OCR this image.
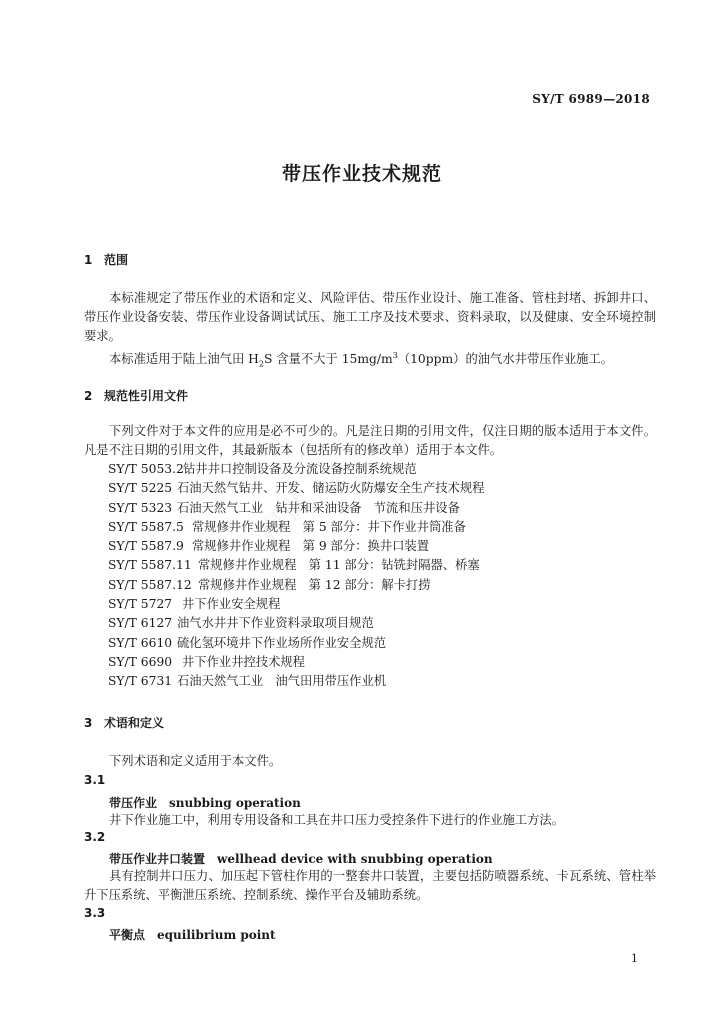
SY/T 6989—2018
带压作业技术规范
1 范围

本标准规定了带压作业的术语和定义、风险评估、带压作业设计、施工准备、管柱封堵、拆卸井口、带压作业设备安装、带压作业设备调试试压、施工工序及技术要求、资料录取，以及健康、安全环境控制要求。

本标准适用于陆上油气田 $H_2S$ 含量不大于 $15mg/m^3(10ppm)$的油气水井带压作业施工。

2 规范性引用文件

下列文件对于本文件的应用是必不可少的。凡是注日期的引用文件，仅注日期的版本适用于本文件。凡是不注日期的引用文件，其最新版本（包括所有的修改单）适用于本文件。

SY/T 5053.2钻井井口控制设备及分流设备控制系统规范
SY/T 5225 石油天然气钻井、开发、储运防火防爆安全生产技术规程
SY/T 5323 石油天然气工业　钻井和采油设备　节流和压井设备
SY/T 5587.5 常规修井作业规程　第 5 部分：井下作业井筒准备
SY/T 5587.9 常规修井作业规程　第 9 部分：换井口装置
SY/T 5587.11 常规修井作业规程　第 11 部分：钻铣封隔器、桥塞
SY/T 5587.12 常规修井作业规程　第 12 部分：解卡打捞
SY/T 5727 井下作业安全规程
SY/T 6127 油气水井井下作业资料录取项目规范
SY/T 6610 硫化氢环境井下作业场所作业安全规范
SY/T 6690 井下作业井控技术规程
SY/T 6731 石油天然气工业　油气田用带压作业机
3 术语和定义
下列术语和定义适用于本文件。
3.1
带压作业 snubbing operation

井下作业施工中，利用专用设备和工具在井口压力受控条件下进行的作业施工方法。

3.2
带压作业井口装置 wellhead device with snubbing operation

具有控制井口压力、加压起下管柱作用的一整套井口装置，主要包括防喷器系统、卡瓦系统、管柱举升下压系统、平衡泄压系统、控制系统、操作平台及辅助系统。

3.3
平衡点 equilibrium point
1
提供
